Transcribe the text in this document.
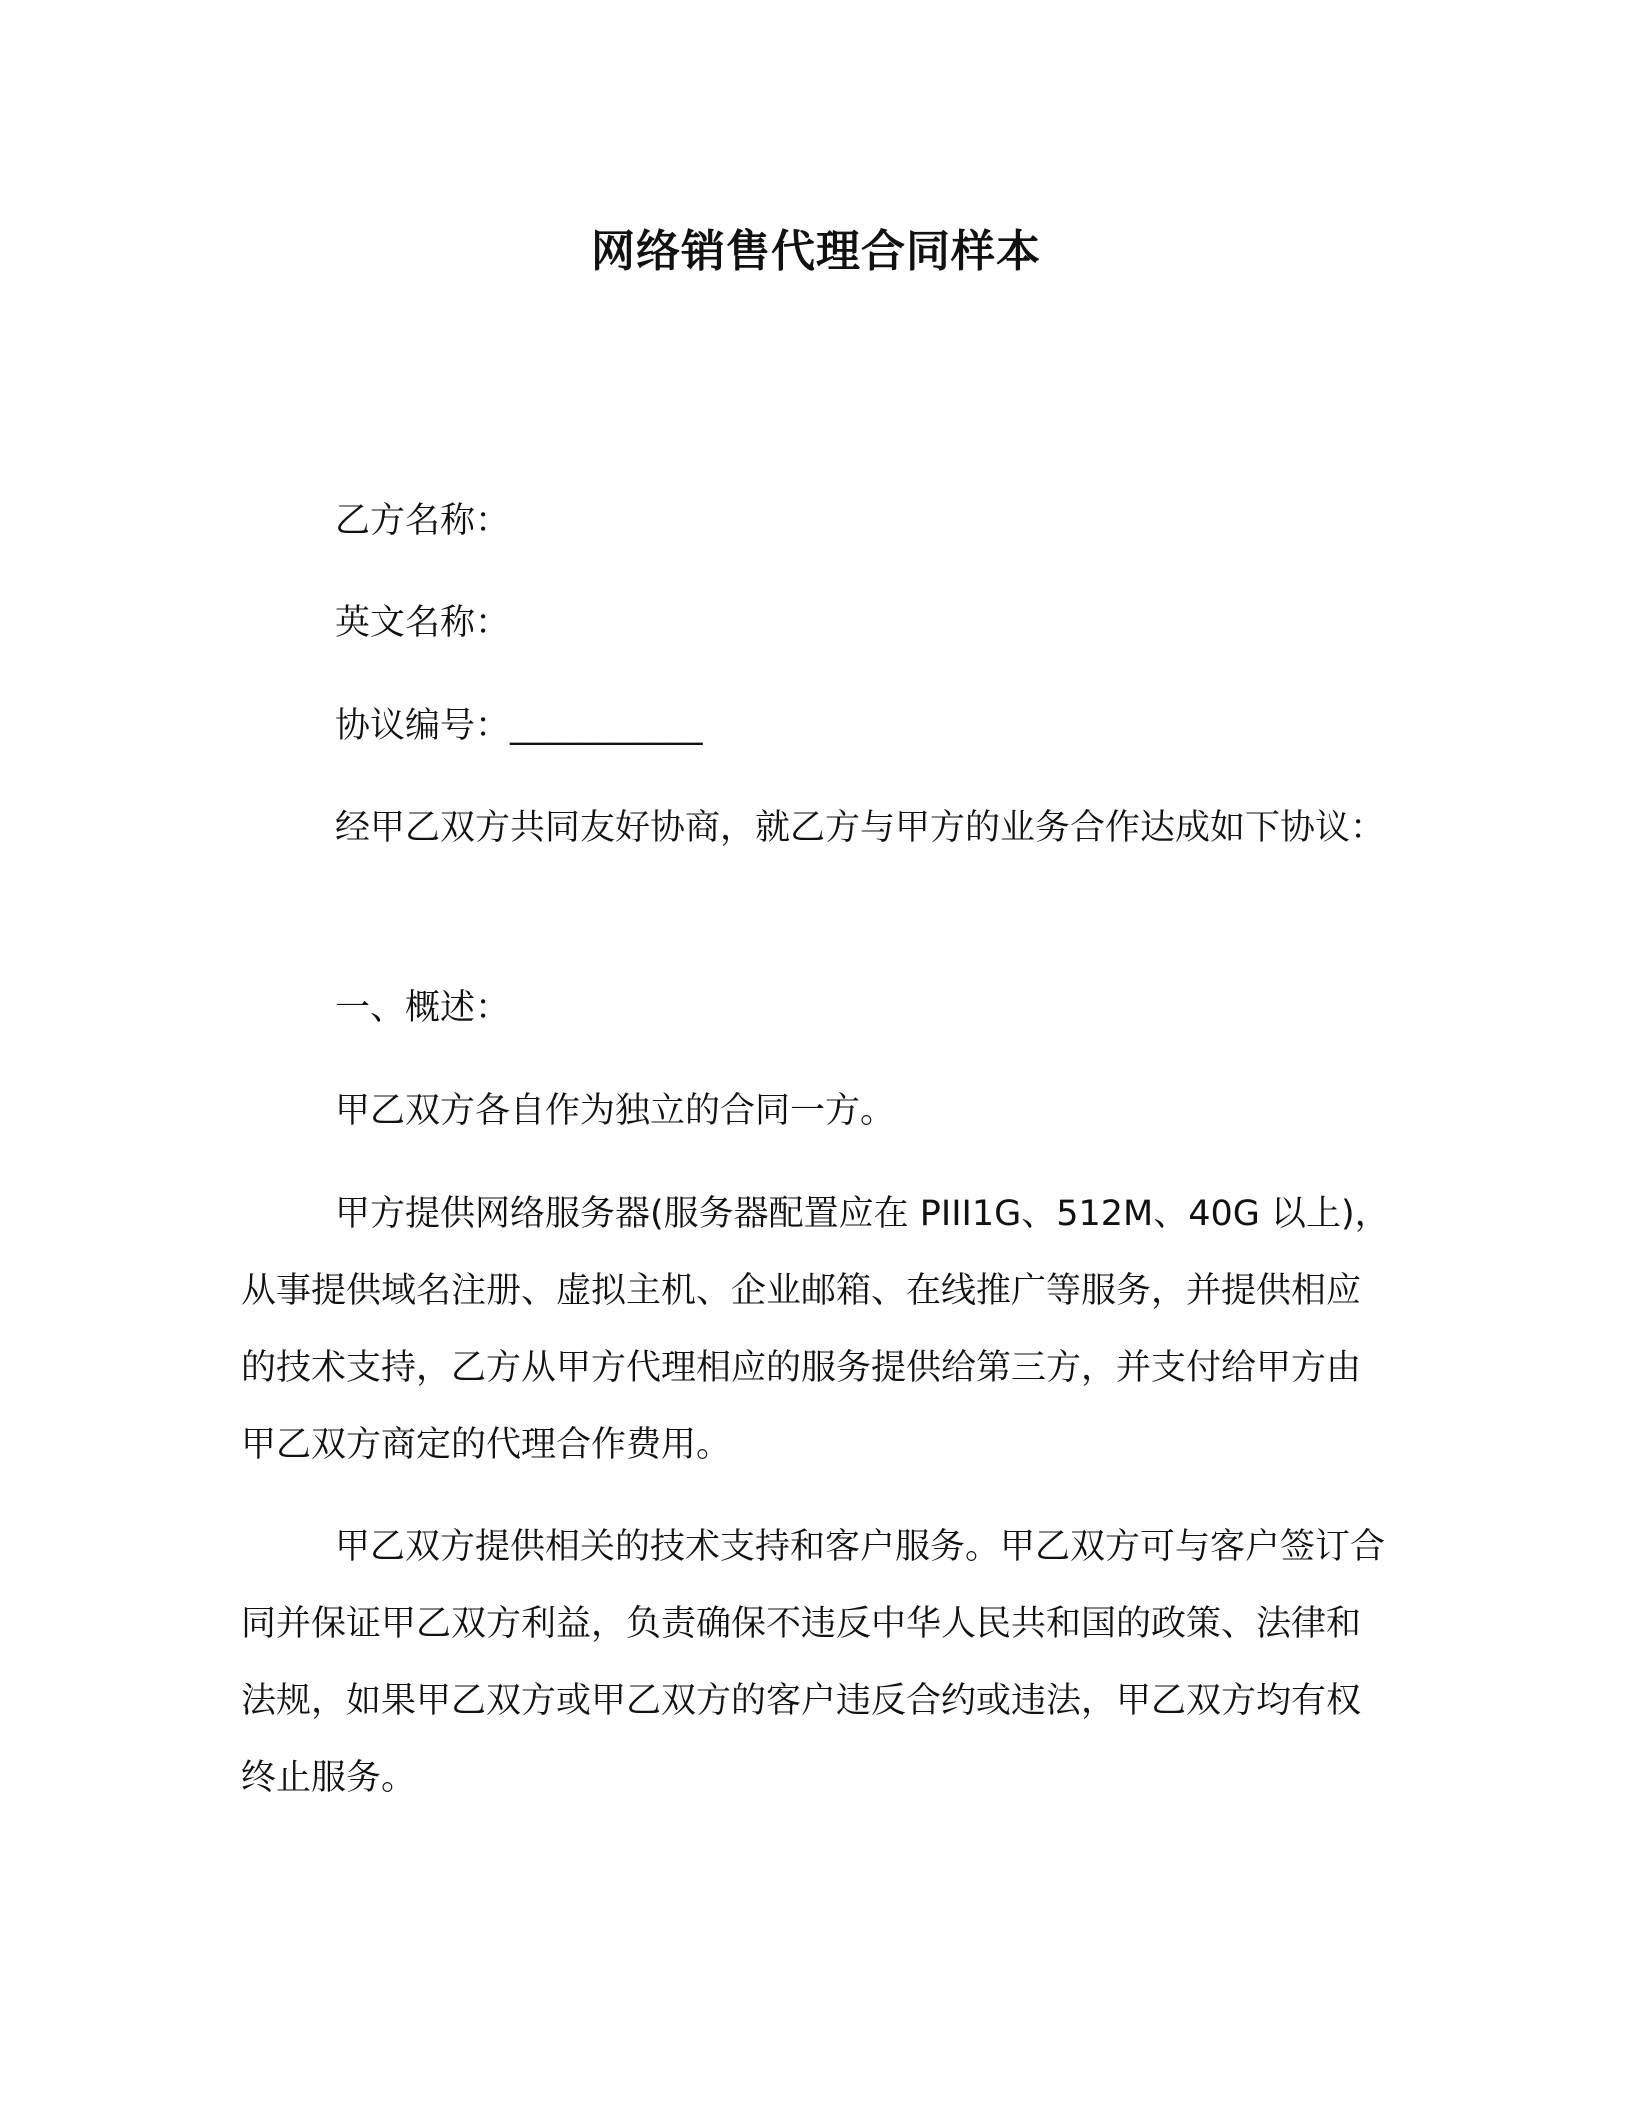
网络销售代理合同样本
乙方名称：
英文名称：
协议编号：___________

经甲乙双方共同友好协商，就乙方与甲方的业务合作达成如下协议：

一、概述：

甲乙双方各自作为独立的合同一方。

甲方提供网络服务器(服务器配置应在 PIII1G、512M、40G 以上)，从事提供域名注册、虚拟主机、企业邮箱、在线推广等服务，并提供相应的技术支持，乙方从甲方代理相应的服务提供给第三方，并支付给甲方由甲乙双方商定的代理合作费用。

甲乙双方提供相关的技术支持和客户服务。甲乙双方可与客户签订合同并保证甲乙双方利益，负责确保不违反中华人民共和国的政策、法律和法规，如果甲乙双方或甲乙双方的客户违反合约或违法，甲乙双方均有权终止服务。
